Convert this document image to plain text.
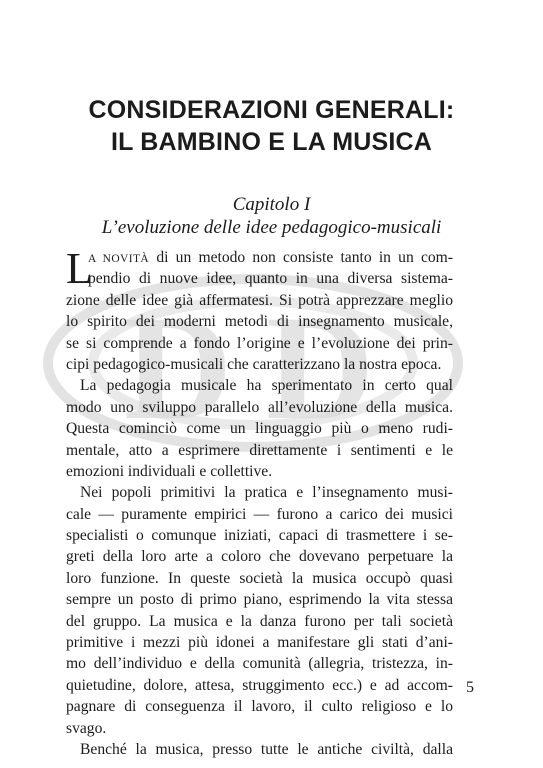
D D
CONSIDERAZIONI GENERALI:
IL BAMBINO E LA MUSICA
Capitolo I
L’evoluzione delle idee pedagogico-musicali
L
A NOVITÀ di un metodo non consiste tanto in un com-
pendio di nuove idee, quanto in una diversa sistema-
zione delle idee già affermatesi. Si potrà apprezzare meglio
lo spirito dei moderni metodi di insegnamento musicale,
se si comprende a fondo l’origine e l’evoluzione dei prin-
cipi pedagogico-musicali che caratterizzano la nostra epoca.
La pedagogia musicale ha sperimentato in certo qual
modo uno sviluppo parallelo all’evoluzione della musica.
Questa cominciò come un linguaggio più o meno rudi-
mentale, atto a esprimere direttamente i sentimenti e le
emozioni individuali e collettive.
Nei popoli primitivi la pratica e l’insegnamento musi-
cale — puramente empirici — furono a carico dei musici
specialisti o comunque iniziati, capaci di trasmettere i se-
greti della loro arte a coloro che dovevano perpetuare la
loro funzione. In queste società la musica occupò quasi
sempre un posto di primo piano, esprimendo la vita stessa
del gruppo. La musica e la danza furono per tali società
primitive i mezzi più idonei a manifestare gli stati d’ani-
mo dell’individuo e della comunità (allegria, tristezza, in-
quietudine, dolore, attesa, struggimento ecc.) e ad accom-
pagnare di conseguenza il lavoro, il culto religioso e lo
svago.
Benché la musica, presso tutte le antiche civiltà, dalla
5
